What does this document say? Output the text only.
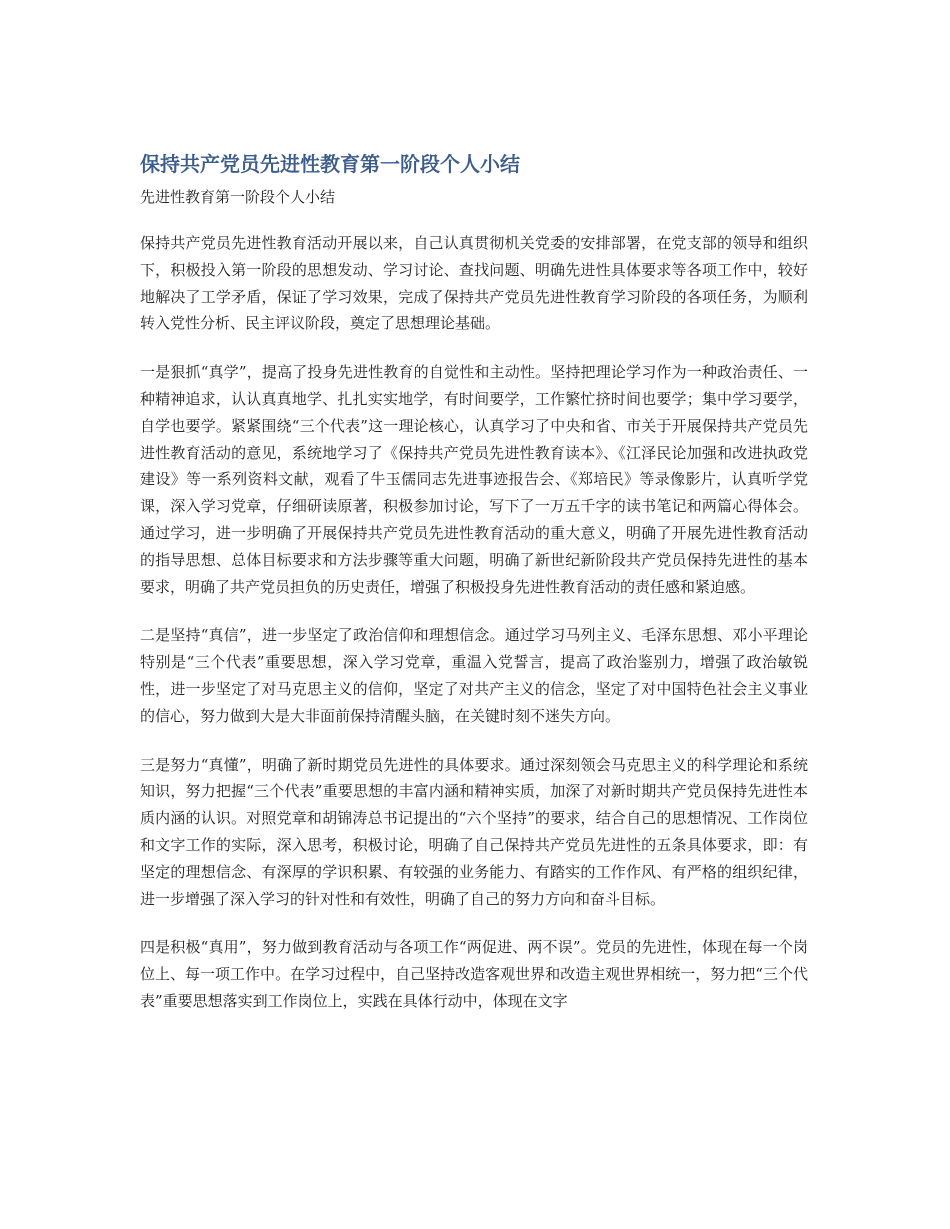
保持共产党员先进性教育第一阶段个人小结
先进性教育第一阶段个人小结

保持共产党员先进性教育活动开展以来，自己认真贯彻机关党委的安排部署，在党支部的领导和组织下，积极投入第一阶段的思想发动、学习讨论、查找问题、明确先进性具体要求等各项工作中，较好地解决了工学矛盾，保证了学习效果，完成了保持共产党员先进性教育学习阶段的各项任务，为顺利转入党性分析、民主评议阶段，奠定了思想理论基础。

一是狠抓“真学”，提高了投身先进性教育的自觉性和主动性。坚持把理论学习作为一种政治责任、一种精神追求，认认真真地学、扎扎实实地学，有时间要学，工作繁忙挤时间也要学；集中学习要学，自学也要学。紧紧围绕“三个代表”这一理论核心，认真学习了中央和省、市关于开展保持共产党员先进性教育活动的意见，系统地学习了《保持共产党员先进性教育读本》、《江泽民论加强和改进执政党建设》等一系列资料文献，观看了牛玉儒同志先进事迹报告会、《郑培民》等录像影片，认真听学党课，深入学习党章，仔细研读原著，积极参加讨论，写下了一万五千字的读书笔记和两篇心得体会。通过学习，进一步明确了开展保持共产党员先进性教育活动的重大意义，明确了开展先进性教育活动的指导思想、总体目标要求和方法步骤等重大问题，明确了新世纪新阶段共产党员保持先进性的基本要求，明确了共产党员担负的历史责任，增强了积极投身先进性教育活动的责任感和紧迫感。

二是坚持“真信”，进一步坚定了政治信仰和理想信念。通过学习马列主义、毛泽东思想、邓小平理论特别是“三个代表”重要思想，深入学习党章，重温入党誓言，提高了政治鉴别力，增强了政治敏锐性，进一步坚定了对马克思主义的信仰，坚定了对共产主义的信念，坚定了对中国特色社会主义事业的信心，努力做到大是大非面前保持清醒头脑，在关键时刻不迷失方向。

三是努力“真懂”，明确了新时期党员先进性的具体要求。通过深刻领会马克思主义的科学理论和系统知识，努力把握“三个代表”重要思想的丰富内涵和精神实质，加深了对新时期共产党员保持先进性本质内涵的认识。对照党章和胡锦涛总书记提出的“六个坚持”的要求，结合自己的思想情况、工作岗位和文字工作的实际，深入思考，积极讨论，明确了自己保持共产党员先进性的五条具体要求，即：有坚定的理想信念、有深厚的学识积累、有较强的业务能力、有踏实的工作作风、有严格的组织纪律，进一步增强了深入学习的针对性和有效性，明确了自己的努力方向和奋斗目标。

四是积极“真用”，努力做到教育活动与各项工作“两促进、两不误”。党员的先进性，体现在每一个岗位上、每一项工作中。在学习过程中，自己坚持改造客观世界和改造主观世界相统一，努力把“三个代表”重要思想落实到工作岗位上，实践在具体行动中，体现在文字
